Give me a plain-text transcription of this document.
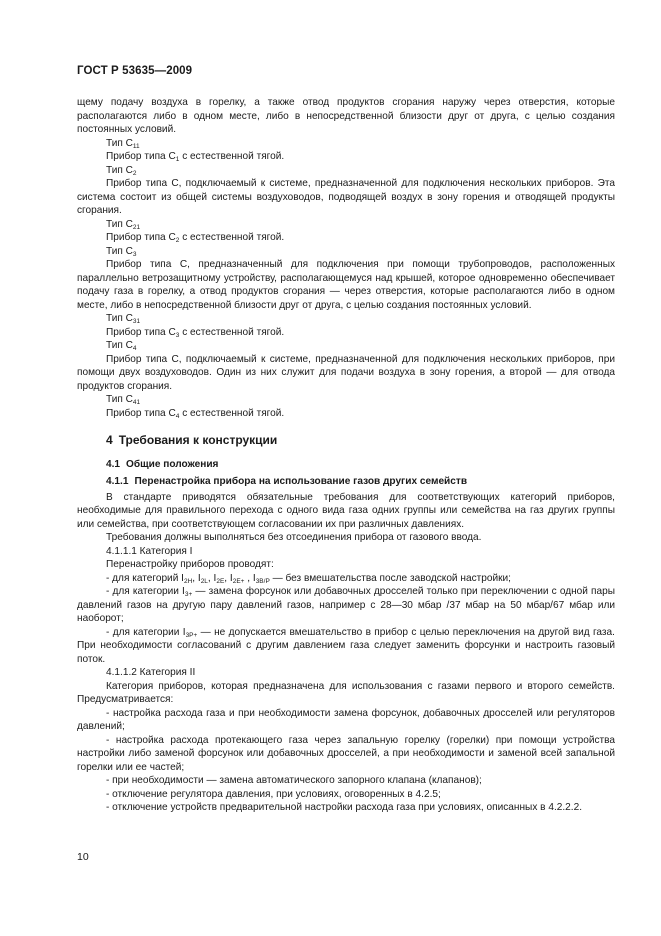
ГОСТ Р 53635—2009

щему подачу воздуха в горелку, а также отвод продуктов сгорания наружу через отверстия, которые располагаются либо в одном месте, либо в непосредственной близости друг от друга, с целью создания постоянных условий.

Тип $С_{11}$

Прибор типа $С_1$ с естественной тягой.

Тип $С_2$

Прибор типа С, подключаемый к системе, предназначенной для подключения нескольких приборов. Эта система состоит из общей системы воздуховодов, подводящей воздух в зону горения и отводящей продукты сгорания.

Тип $С_{21}$

Прибор типа $С_2$ с естественной тягой.

Тип $С_3$

Прибор типа С, предназначенный для подключения при помощи трубопроводов, расположенных параллельно ветрозащитному устройству, располагающемуся над крышей, которое одновременно обеспечивает подачу газа в горелку, а отвод продуктов сгорания — через отверстия, которые располагаются либо в одном месте, либо в непосредственной близости друг от друга, с целью создания постоянных условий.

Тип $С_{31}$

Прибор типа $С_3$ с естественной тягой.

Тип $С_4$

Прибор типа С, подключаемый к системе, предназначенной для подключения нескольких приборов, при помощи двух воздуховодов. Один из них служит для подачи воздуха в зону горения, а второй — для отвода продуктов сгорания.

Тип $С_{41}$

Прибор типа $С_4$ с естественной тягой.

4 Требования к конструкции
4.1 Общие положения
4.1.1 Перенастройка прибора на использование газов других семейств

В стандарте приводятся обязательные требования для соответствующих категорий приборов, необходимые для правильного перехода с одного вида газа одних группы или семейства на газ других группы или семейства, при соответствующем согласовании их при различных давлениях.

Требования должны выполняться без отсоединения прибора от газового ввода.

4.1.1.1 Категория I

Перенастройку приборов проводят:

- для категорий $I_{2H}$, $I_{2L}$, $I_{2E}$, $I_{2E+}$ , $I_{3B/P}$ — без вмешательства после заводской настройки;

- для категории $I_{3+}$ — замена форсунок или добавочных дросселей только при переключении с одной пары давлений газов на другую пару давлений газов, например с 28—30 мбар /37 мбар на 50 мбар/67 мбар или наоборот;

- для категории $I_{3P+}$ — не допускается вмешательство в прибор с целью переключения на другой вид газа. При необходимости согласований с другим давлением газа следует заменить форсунки и настроить газовый поток.

4.1.1.2 Категория II

Категория приборов, которая предназначена для использования с газами первого и второго семейств. Предусматривается:

- настройка расхода газа и при необходимости замена форсунок, добавочных дросселей или регуляторов давлений;

- настройка расхода протекающего газа через запальную горелку (горелки) при помощи устройства настройки либо заменой форсунок или добавочных дросселей, а при необходимости и заменой всей запальной горелки или ее частей;

- при необходимости — замена автоматического запорного клапана (клапанов);

- отключение регулятора давления, при условиях, оговоренных в 4.2.5;

- отключение устройств предварительной настройки расхода газа при условиях, описанных в 4.2.2.2.

10
